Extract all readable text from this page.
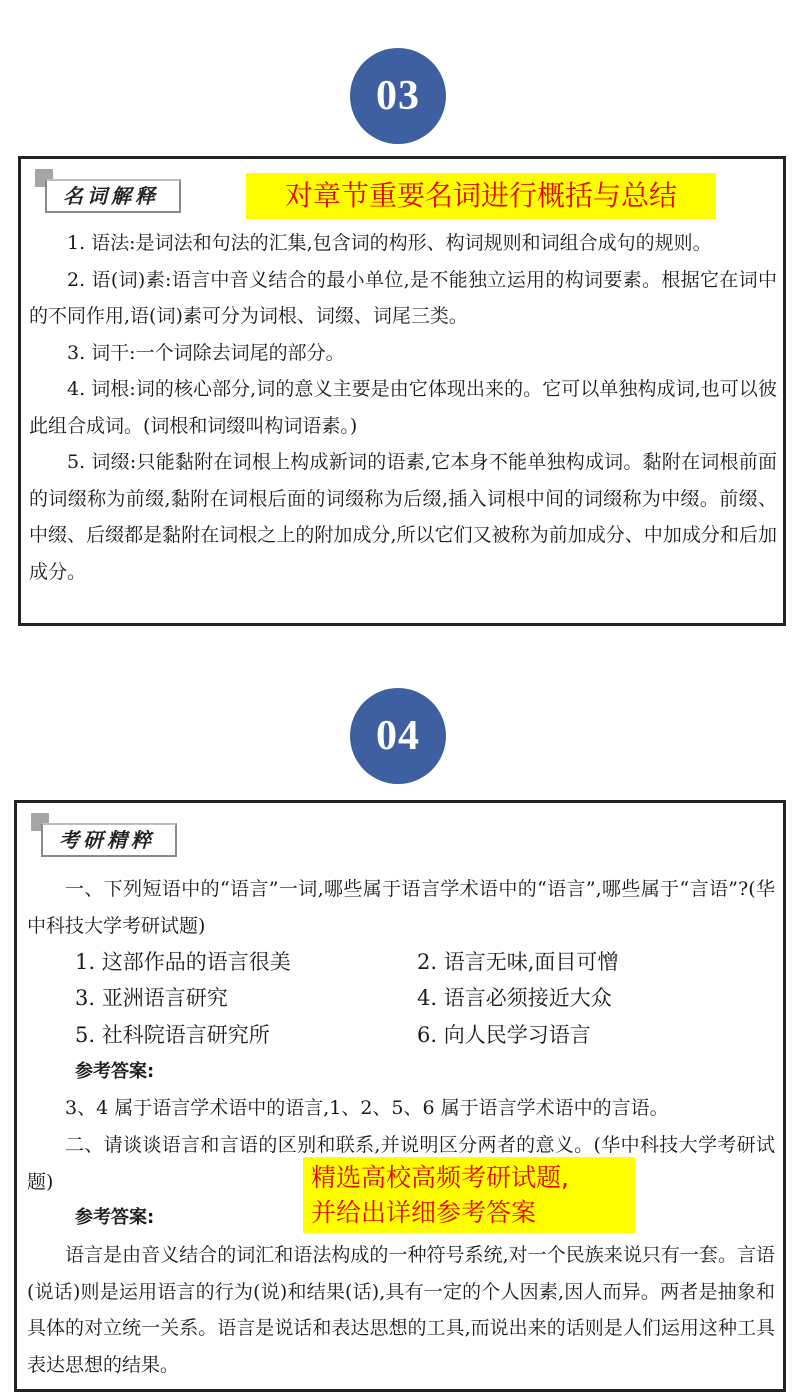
03
名词解释	对章节重要名词进行概括与总结

1. 语法:是词法和句法的汇集,包含词的构形、构词规则和词组合成句的规则。

2. 语(词)素:语言中音义结合的最小单位,是不能独立运用的构词要素。根据它在词中的不同作用,语(词)素可分为词根、词缀、词尾三类。

3. 词干:一个词除去词尾的部分。

4. 词根:词的核心部分,词的意义主要是由它体现出来的。它可以单独构成词,也可以彼此组合成词。(词根和词缀叫构词语素。)

5. 词缀:只能黏附在词根上构成新词的语素,它本身不能单独构成词。黏附在词根前面的词缀称为前缀,黏附在词根后面的词缀称为后缀,插入词根中间的词缀称为中缀。前缀、中缀、后缀都是黏附在词根之上的附加成分,所以它们又被称为前加成分、中加成分和后加成分。

04
考研精粹

一、下列短语中的“语言”一词,哪些属于语言学术语中的“语言”,哪些属于“言语”?(华中科技大学考研试题)

1. 这部作品的语言很美	2. 语言无味,面目可憎
3. 亚洲语言研究	4. 语言必须接近大众
5. 社科院语言研究所	6. 向人民学习语言
参考答案:

3、4 属于语言学术语中的语言,1、2、5、6 属于语言学术语中的言语。

二、请谈谈语言和言语的区别和联系,并说明区分两者的意义。(华中科技大学考研试题)

参考答案:
精选高校高频考研试题,
并给出详细参考答案

语言是由音义结合的词汇和语法构成的一种符号系统,对一个民族来说只有一套。言语(说话)则是运用语言的行为(说)和结果(话),具有一定的个人因素,因人而异。两者是抽象和具体的对立统一关系。语言是说话和表达思想的工具,而说出来的话则是人们运用这种工具表达思想的结果。
